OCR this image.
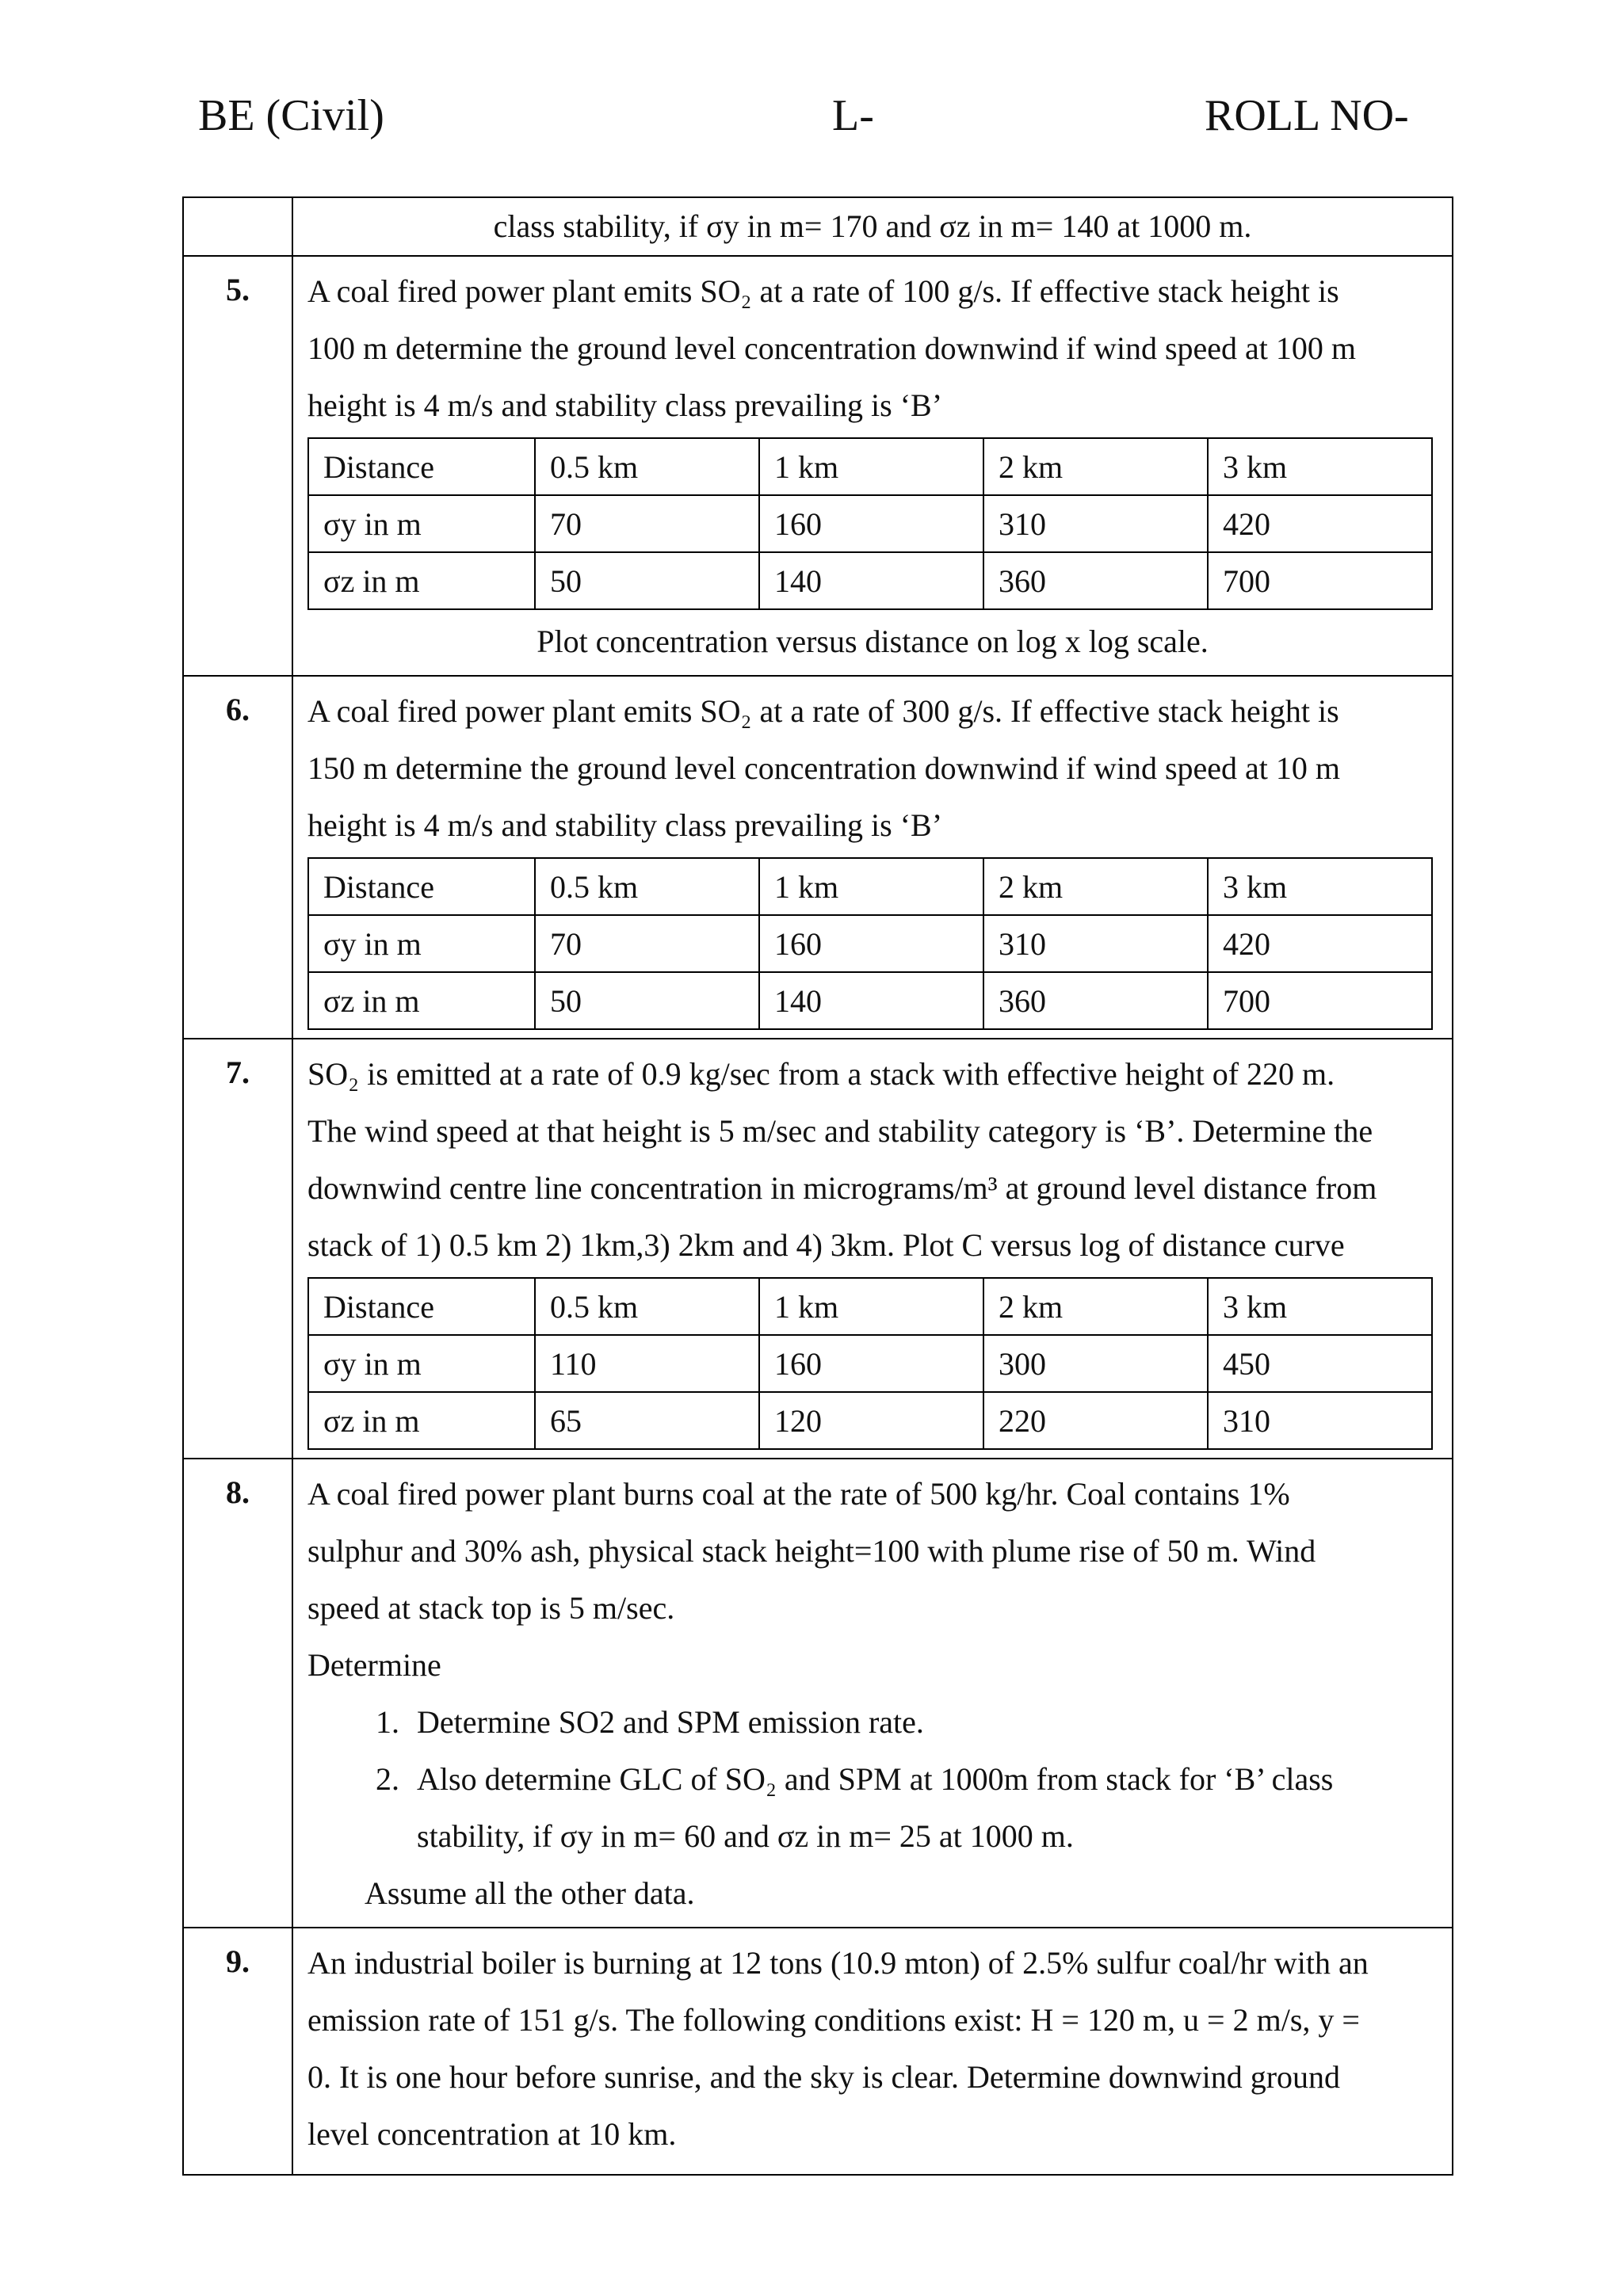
BE (Civil)	L-	ROLL NO-

class stability, if σy in m= 170 and σz in m= 140 at 1000 m.

5.	A coal fired power plant emits SO₂ at a rate of 100 g/s. If effective stack height is
100 m determine the ground level concentration downwind if wind speed at 100 m
height is 4 m/s and stability class prevailing is ‘B’
Distance	0.5 km	1 km	2 km	3 km
σy in m	70	160	310	420
σz in m	50	140	360	700
Plot concentration versus distance on log x log scale.

6.	A coal fired power plant emits SO₂ at a rate of 300 g/s. If effective stack height is
150 m determine the ground level concentration downwind if wind speed at 10 m
height is 4 m/s and stability class prevailing is ‘B’
Distance	0.5 km	1 km	2 km	3 km
σy in m	70	160	310	420
σz in m	50	140	360	700

7.	SO₂ is emitted at a rate of 0.9 kg/sec from a stack with effective height of 220 m.
The wind speed at that height is 5 m/sec and stability category is ‘B’. Determine the
downwind centre line concentration in micrograms/m³ at ground level distance from
stack of 1) 0.5 km 2) 1km,3) 2km and 4) 3km. Plot C versus log of distance curve
Distance	0.5 km	1 km	2 km	3 km
σy in m	110	160	300	450
σz in m	65	120	220	310

8.	A coal fired power plant burns coal at the rate of 500 kg/hr. Coal contains 1%
sulphur and 30% ash, physical stack height=100 with plume rise of 50 m. Wind
speed at stack top is 5 m/sec.
Determine
1. Determine SO2 and SPM emission rate.
2. Also determine GLC of SO₂ and SPM at 1000m from stack for ‘B’ class
stability, if σy in m= 60 and σz in m= 25 at 1000 m.
Assume all the other data.

9.	An industrial boiler is burning at 12 tons (10.9 mton) of 2.5% sulfur coal/hr with an
emission rate of 151 g/s. The following conditions exist: H = 120 m, u = 2 m/s, y =
0. It is one hour before sunrise, and the sky is clear. Determine downwind ground
level concentration at 10 km.
